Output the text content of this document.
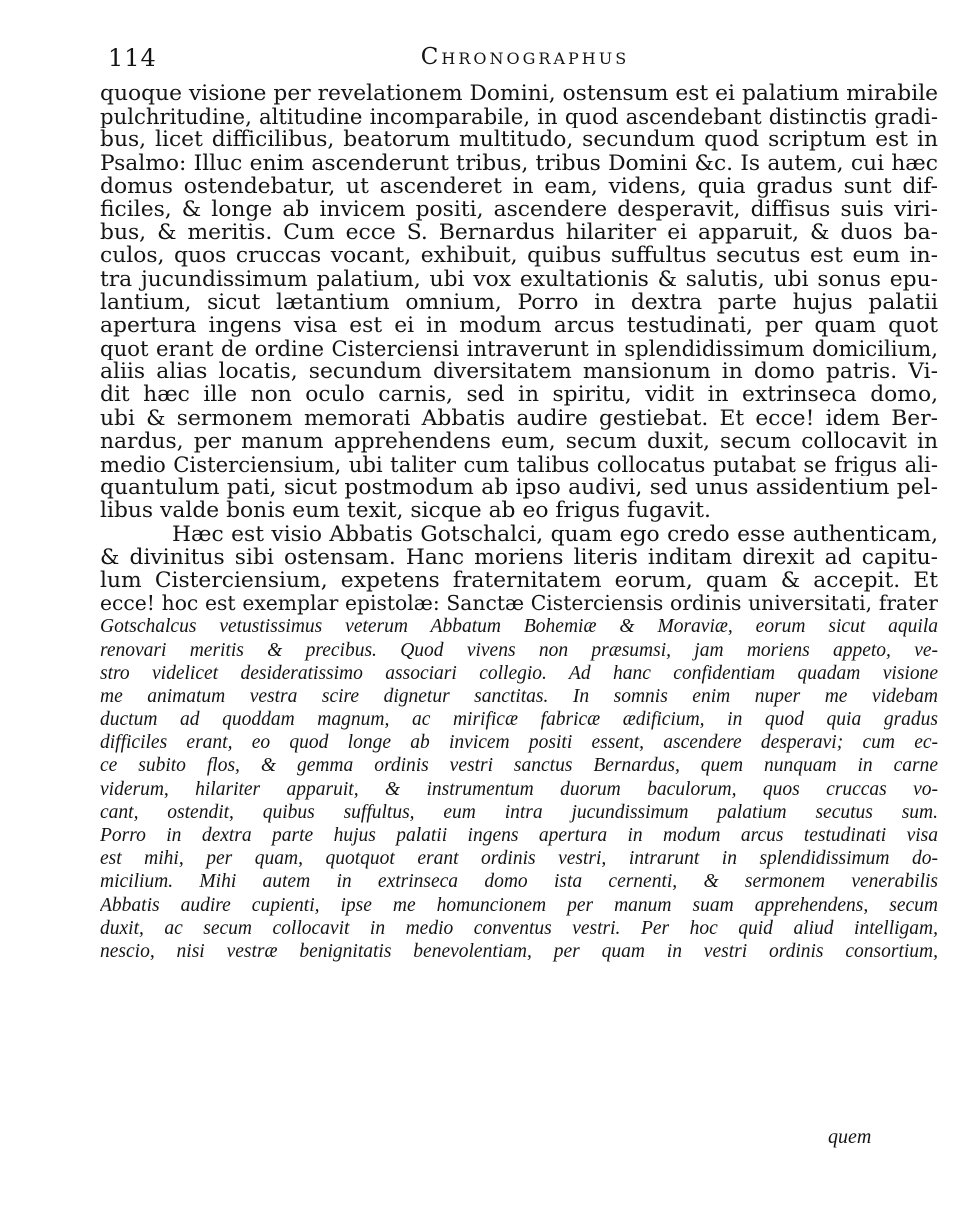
114	Chronographus
quoque visione per revelationem Domini, ostensum est ei palatium mirabile
pulchritudine, altitudine incomparabile, in quod ascendebant distinctis gradi-
bus, licet difficilibus, beatorum multitudo, secundum quod scriptum est in
Psalmo: Illuc enim ascenderunt tribus, tribus Domini &c. Is autem, cui hæc
domus ostendebatur, ut ascenderet in eam, videns, quia gradus sunt dif-
ficiles, & longe ab invicem positi, ascendere desperavit, diffisus suis viri-
bus, & meritis. Cum ecce S. Bernardus hilariter ei apparuit, & duos ba-
culos, quos cruccas vocant, exhibuit, quibus suffultus secutus est eum in-
tra jucundissimum palatium, ubi vox exultationis & salutis, ubi sonus epu-
lantium, sicut lætantium omnium, Porro in dextra parte hujus palatii
apertura ingens visa est ei in modum arcus testudinati, per quam quot
quot erant de ordine Cisterciensi intraverunt in splendidissimum domicilium,
aliis alias locatis, secundum diversitatem mansionum in domo patris. Vi-
dit hæc ille non oculo carnis, sed in spiritu, vidit in extrinseca domo,
ubi & sermonem memorati Abbatis audire gestiebat. Et ecce! idem Ber-
nardus, per manum apprehendens eum, secum duxit, secum collocavit in
medio Cisterciensium, ubi taliter cum talibus collocatus putabat se frigus ali-
quantulum pati, sicut postmodum ab ipso audivi, sed unus assidentium pel-
libus valde bonis eum texit, sicque ab eo frigus fugavit.
Hæc est visio Abbatis Gotschalci, quam ego credo esse authenticam,
& divinitus sibi ostensam. Hanc moriens literis inditam direxit ad capitu-
lum Cisterciensium, expetens fraternitatem eorum, quam & accepit. Et
ecce! hoc est exemplar epistolæ: Sanctæ Cisterciensis ordinis universitati, frater
Gotschalcus vetustissimus veterum Abbatum Bohemiæ & Moraviæ, eorum sicut aquila
renovari meritis & precibus. Quod vivens non præsumsi, jam moriens appeto, ve-
stro videlicet desideratissimo associari collegio. Ad hanc confidentiam quadam visione
me animatum vestra scire dignetur sanctitas. In somnis enim nuper me videbam
ductum ad quoddam magnum, ac mirificæ fabricæ ædificium, in quod quia gradus
difficiles erant, eo quod longe ab invicem positi essent, ascendere desperavi; cum ec-
ce subito flos, & gemma ordinis vestri sanctus Bernardus, quem nunquam in carne
viderum, hilariter apparuit, & instrumentum duorum baculorum, quos cruccas vo-
cant, ostendit, quibus suffultus, eum intra jucundissimum palatium secutus sum.
Porro in dextra parte hujus palatii ingens apertura in modum arcus testudinati visa
est mihi, per quam, quotquot erant ordinis vestri, intrarunt in splendidissimum do-
micilium. Mihi autem in extrinseca domo ista cernenti, & sermonem venerabilis
Abbatis audire cupienti, ipse me homuncionem per manum suam apprehendens, secum
duxit, ac secum collocavit in medio conventus vestri. Per hoc quid aliud intelligam,
nescio, nisi vestræ benignitatis benevolentiam, per quam in vestri ordinis consortium,
quem
